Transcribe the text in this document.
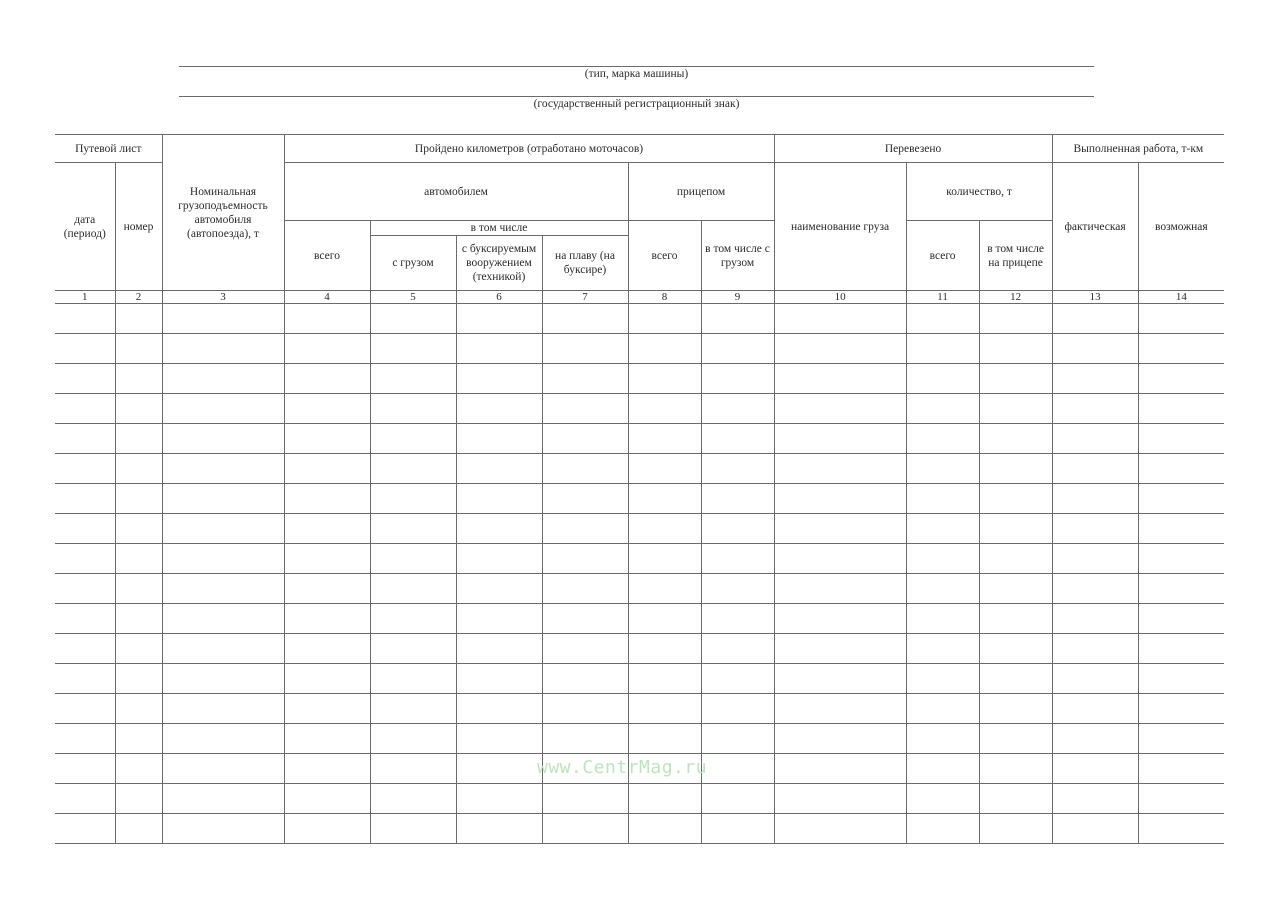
(тип, марка машины)
(государственный регистрационный знак)
Путевой лист		Номинальная грузоподъемность автомобиля (автопоезда), т	Пройдено километров (отработано моточасов)						Перевезено			Выполненная работа, т-км	
дата (период)	номер		автомобилем				прицепом		наименование груза	количество, т		фактическая	возможная
			всего	в том числе			всего	в том числе с грузом		всего	в том числе на прицепе		
				с грузом	с буксируемым вооружением (техникой)	на плаву (на буксире)							
1	2	3	4	5	6	7	8	9	10	11	12	13	14

www.CentrMag.ru
